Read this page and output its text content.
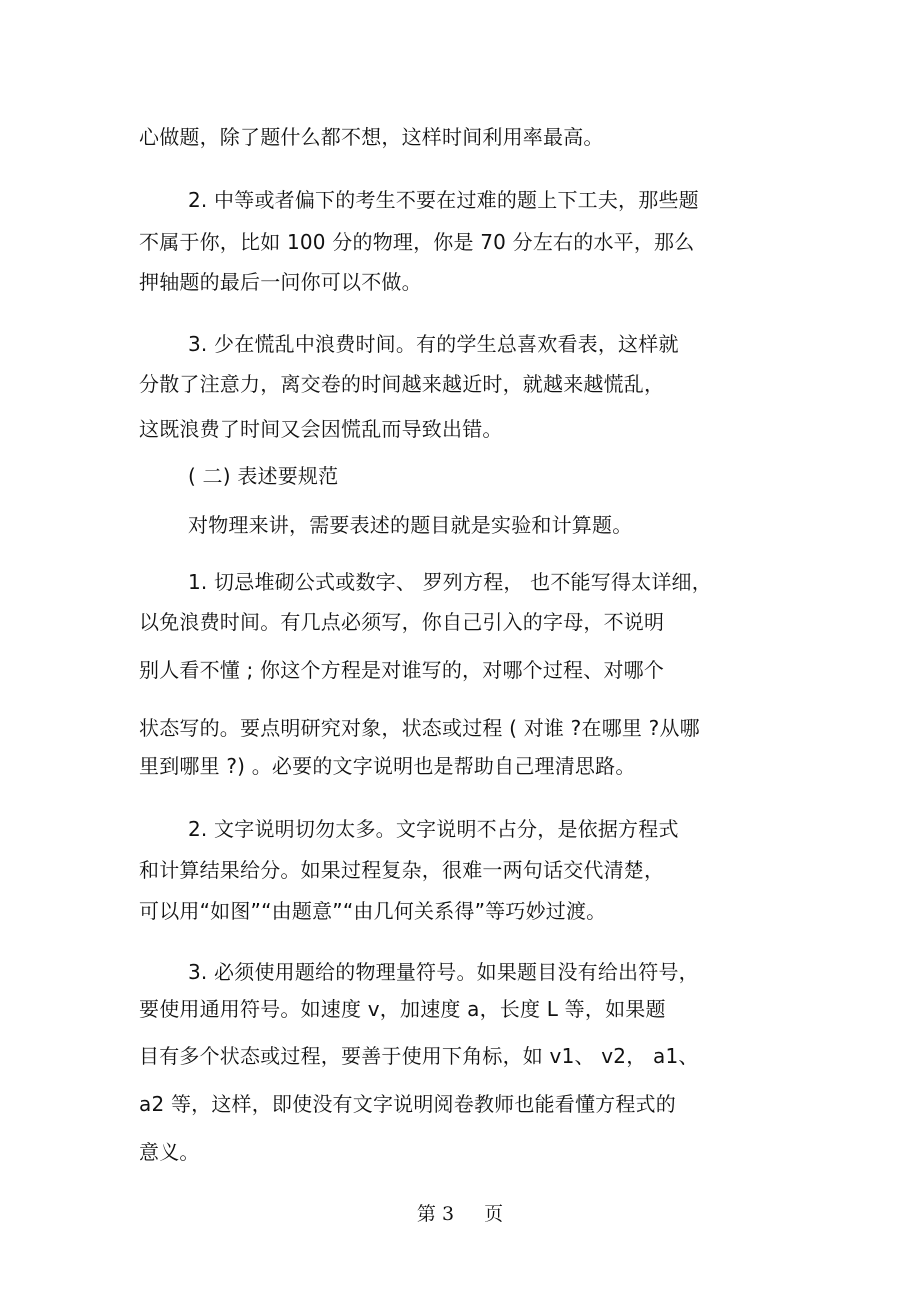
心做题，除了题什么都不想，这样时间利用率最高。

2. 中等或者偏下的考生不要在过难的题上下工夫，那些题

不属于你，比如 100 分的物理，你是 70 分左右的水平，那么

押轴题的最后一问你可以不做。

3. 少在慌乱中浪费时间。有的学生总喜欢看表，这样就

分散了注意力，离交卷的时间越来越近时，就越来越慌乱，

这既浪费了时间又会因慌乱而导致出错。

( 二) 表述要规范

对物理来讲，需要表述的题目就是实验和计算题。

1. 切忌堆砌公式或数字、 罗列方程， 也不能写得太详细，

以免浪费时间。有几点必须写，你自己引入的字母，不说明

别人看不懂 ; 你这个方程是对谁写的，对哪个过程、对哪个

状态写的。要点明研究对象，状态或过程 ( 对谁 ?在哪里 ?从哪

里到哪里 ?) 。必要的文字说明也是帮助自己理清思路。

2. 文字说明切勿太多。文字说明不占分，是依据方程式

和计算结果给分。如果过程复杂，很难一两句话交代清楚，

可以用“如图”“由题意”“由几何关系得”等巧妙过渡。

3. 必须使用题给的物理量符号。如果题目没有给出符号，

要使用通用符号。如速度 v，加速度 a，长度 L 等，如果题

目有多个状态或过程，要善于使用下角标，如 v1、 v2， a1、

a2 等，这样，即使没有文字说明阅卷教师也能看懂方程式的

意义。

第 3 页
